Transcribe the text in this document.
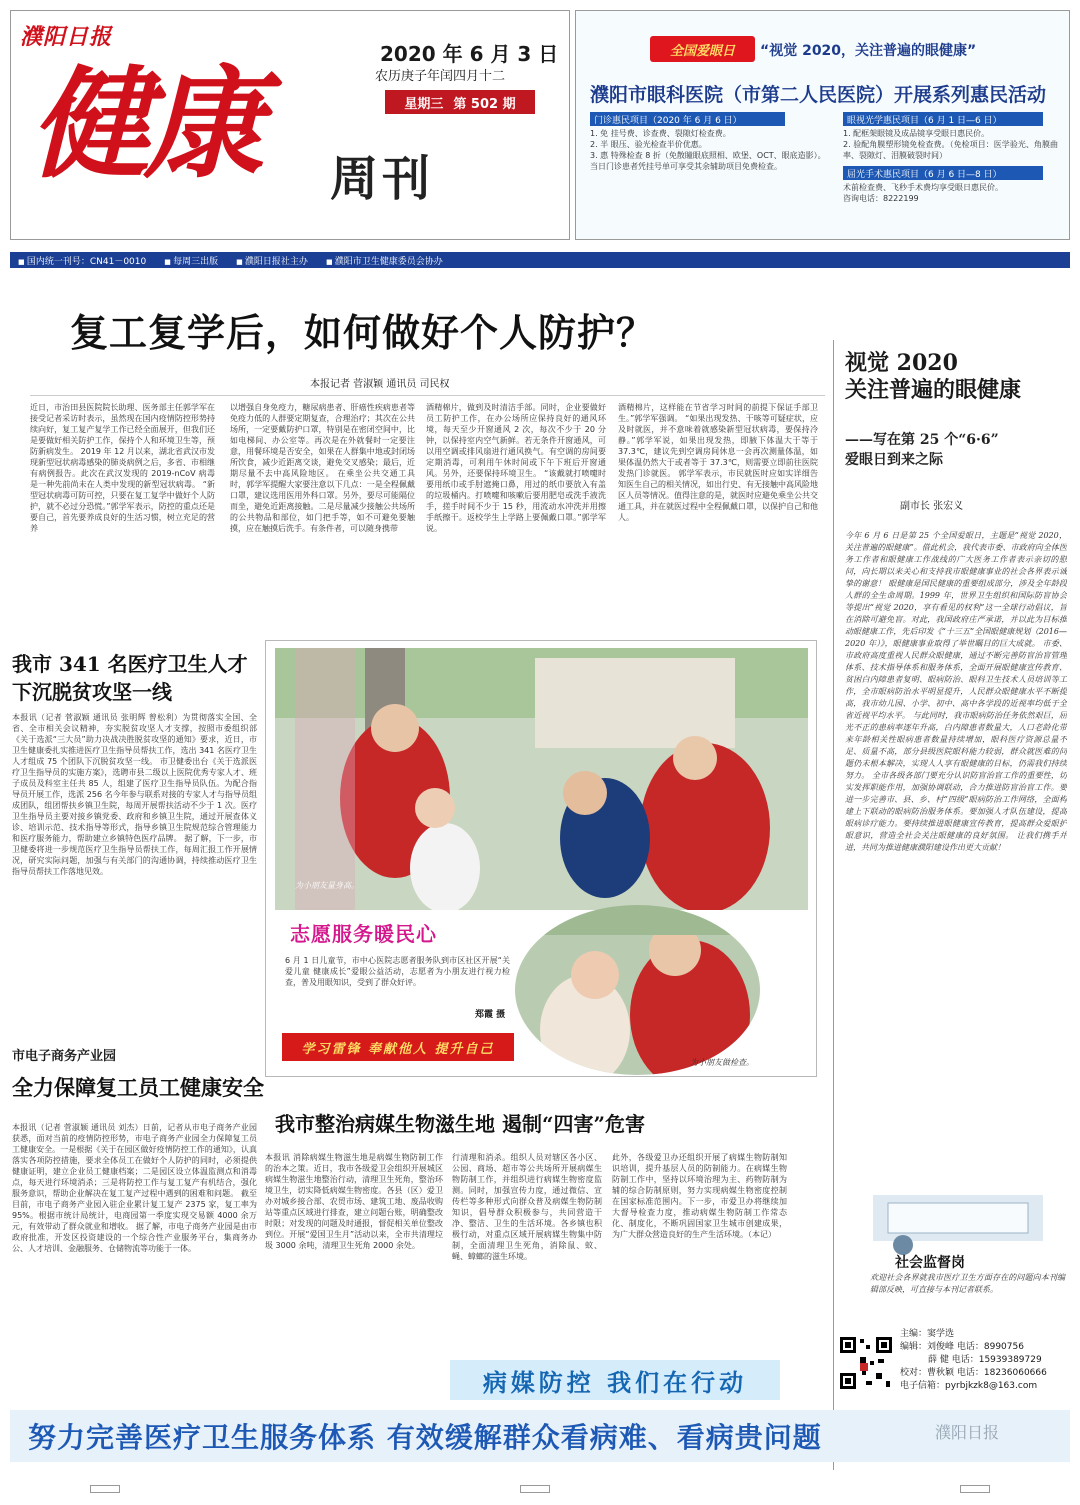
濮阳日报
健康 周刊
2020 年 6 月 3 日
农历庚子年闰四月十二
星期三 第 502 期
全国爱眼日	“视觉 2020，关注普遍的眼健康”
濮阳市眼科医院（市第二人民医院）开展系列惠民活动
门诊惠民项目（2020 年 6 月 6 日）
1. 免 挂号费、诊查费、裂隙灯检查费。
2. 半 眼压、验光检查半价优惠。
3. 惠 特殊检查 8 折（免散瞳眼底照相、欧堡、OCT、眼底造影）。
当日门诊患者凭挂号单可享受其余辅助项目免费检查。
眼视光学惠民项目（6 月 1 日—6 日）
1. 配框架眼镜及成品镜享受眼日惠民价。
2. 验配角膜塑形镜免检查费。（免检项目：医学验光、角膜曲率、裂隙灯、泪膜破裂时间）
屈光手术惠民项目（6 月 6 日—8 日）
术前检查费、飞秒手术费均享受眼日惠民价。
咨询电话：8222199
■ 国内统一刊号：CN41－0010	■ 每周三出版	■ 濮阳日报社主办	■ 濮阳市卫生健康委员会协办
复工复学后，如何做好个人防护？
本报记者 菅淑颖 通讯员 司民权
近日，市治田县医院院长助理、医务部主任郭学军在接受记者采访时表示，虽然现在国内疫情防控形势持续向好，复工复产复学工作已经全面展开，但我们还是要做好相关防护工作，保持个人和环境卫生等，预防新病发生。 2019 年 12 月以来，湖北省武汉市发现新型冠状病毒感染的肺炎病例之后，多省、市相继有病例报告。此次在武汉发现的 2019-nCoV 病毒是一种先前尚未在人类中发现的新型冠状病毒。 “新型冠状病毒可防可控，只要在复工复学中做好个人防护，就不必过分恐慌。”郭学军表示，防控的重点还是要自己，首先要养成良好的生活习惯，树立充足的营养
以增强自身免疫力，糖尿病患者、肝癌性疾病患者等免疫力低的人群要定期复查，合理治疗；其次在公共场所，一定要戴防护口罩，特别是在密闭空间中，比如电梯间、办公室等。再次是在外就餐时一定要注意，用餐环境是否安全，如果在人群集中地或封闭场所饮食，减少近距离交谈，避免交叉感染；最后，近期尽量不去中高风险地区。 在乘坐公共交通工具时，郭学军提醒大家要注意以下几点：一是全程佩戴口罩，建议选用医用外科口罩。另外，要尽可能隔位而坐，避免近距离接触。二是尽量减少接触公共场所的公共物品和部位，如门把手等，如不可避免要触摸，应在触摸后洗手。有条件者，可以随身携带
酒精棉片，做到及时清洁手部。同时，企业要做好员工防护工作，在办公场所应保持良好的通风环境，每天至少开窗通风 2 次，每次不少于 20 分钟，以保持室内空气新鲜。若无条件开窗通风，可以用空调或排风扇进行通风换气。有空调的房间要定期消毒，可利用午休时间或下午下班后开窗通风。另外，还要保持环境卫生。 “该戴就打喷嚏时要用纸巾或手肘遮掩口鼻，用过的纸巾要放入有盖的垃圾桶内。打喷嚏和咳嗽后要用肥皂或洗手液洗手，搓手时间不少于 15 秒，用流动水冲洗并用擦手纸擦干。返校学生上学路上要佩戴口罩。”郭学军说。
酒精棉片，这样能在节省学习时间的前提下保证手部卫生。”郭学军强调。 “如果出现发热、干咳等可疑症状，应及时就医，并不意味着就感染新型冠状病毒，要保持冷静。”郭学军说，如果出现发热，即腋下体温大于等于 37.3℃，建议先到空调房间休息一会再次测量体温，如果体温仍然大于或者等于 37.3℃，则需要立即前往医院发热门诊就医。 郭学军表示，市民就医时应如实详细告知医生自己的相关情况，如出行史、有无接触中高风险地区人员等情况。值得注意的是，就医时应避免乘坐公共交通工具，并在就医过程中全程佩戴口罩，以保护自己和他人。
视觉 2020
关注普遍的眼健康
——写在第 25 个“6·6”
爱眼日到来之际
副市长 张宏义
今年 6 月 6 日是第 25 个全国爱眼日，主题是“视觉 2020，关注普遍的眼健康”。借此机会，我代表市委、市政府向全体医务工作者和眼健康工作战线的广大医务工作者表示亲切的慰问，向长期以来关心和支持我市眼健康事业的社会各界表示诚挚的谢意！ 眼健康是国民健康的重要组成部分，涉及全年龄段人群的全生命周期。1999 年，世界卫生组织和国际防盲协会等提出“视觉 2020，享有看见的权利”这一全球行动倡议，旨在消除可避免盲。对此，我国政府庄严承诺，并以此为目标推动眼健康工作，先后印发《“十三五”全国眼健康规划（2016—2020 年）》，眼健康事业取得了举世瞩目的巨大成就。 市委、市政府高度重视人民群众眼健康，通过不断完善防盲治盲管理体系、技术指导体系和服务体系，全面开展眼健康宣传教育、贫困白内障患者复明、眼病防治、眼科卫生技术人员培训等工作，全市眼病防治水平明显提升，人民群众眼健康水平不断提高，我市幼儿园、小学、初中、高中各学段的近视率均低于全省近视平均水平。 与此同时，我市眼病防治任务依然艰巨，屈光不正的患病率逐年升高，白内障患者数量大，人口老龄化带来年龄相关性眼病患者数量持续增加，眼科医疗资源总量不足、质量不高，部分县级医院眼科能力较弱，群众就医难的问题仍未根本解决，实现人人享有眼健康的目标，仍需我们持续努力。 全市各级各部门要充分认识防盲治盲工作的重要性，切实发挥职能作用，加强协调联动，合力推进防盲治盲工作。要进一步完善市、县、乡、村“四级”眼病防治工作网络，全面构建上下联动的眼病防治服务体系。要加强人才队伍建设，提高眼病诊疗能力。要持续推进眼健康宣传教育，提高群众爱眼护眼意识，营造全社会关注眼健康的良好氛围。 让我们携手并进，共同为推进健康濮阳建设作出更大贡献！
我市 341 名医疗卫生人才
下沉脱贫攻坚一线
本报讯（记者 菅淑颖 通讯员 张明辉 曾松利）为贯彻落实全国、全省、全市相关会议精神，夯实脱贫攻坚人才支撑，按照市委组织部《关于选派“三大员”助力决战决胜脱贫攻坚的通知》要求，近日，市卫生健康委扎实推进医疗卫生指导员帮扶工作，选出 341 名医疗卫生人才组成 75 个团队下沉脱贫攻坚一线。 市卫健委出台《关于选派医疗卫生指导员的实施方案》，选聘市县二级以上医院优秀专家人才、班子成员及科室主任共 85 人，组建了医疗卫生指导员队伍。为配合指导员开展工作，选派 256 名今年参与联系对接的专家人才与指导员组成团队，组团帮扶乡镇卫生院，每周开展帮扶活动不少于 1 次。医疗卫生指导员主要对接乡镇党委、政府和乡镇卫生院，通过开展查体义诊、培训示范、技术指导等形式，指导乡镇卫生院规范综合管理能力和医疗服务能力，帮助建立乡镇特色医疗品牌。 据了解，下一步，市卫健委将进一步规范医疗卫生指导员帮扶工作，每周汇报工作开展情况，研究实际问题，加强与有关部门的沟通协调，持续推动医疗卫生指导员帮扶工作落地见效。
市电子商务产业园
全力保障复工员工健康安全
本报讯（记者 菅淑颖 通讯员 刘杰）日前，记者从市电子商务产业园获悉，面对当前的疫情防控形势，市电子商务产业园全力保障复工员工健康安全。一是根据《关于在园区做好疫情防控工作的通知》，认真落实各项防控措施，要求全体员工在做好个人防护的同时，必须提供健康证明，建立企业员工健康档案；二是园区设立体温监测点和消毒点，每天进行环境消杀；三是将防控工作与复工复产有机结合，强化服务意识，帮助企业解决在复工复产过程中遇到的困难和问题。 截至目前，市电子商务产业园入驻企业累计复工复产 2375 家，复工率为 95%。根据市统计局统计，电商园第一季度实现交易额 4000 余万元，有效带动了群众就业和增收。 据了解，市电子商务产业园是由市政府批准，开发区投资建设的一个综合性产业服务平台，集商务办公、人才培训、金融服务、仓储物流等功能于一体。
为小朋友量身高。
为小朋友做检查。
志愿服务暖民心
6 月 1 日儿童节，市中心医院志愿者服务队到市区社区开展“关爱儿童 健康成长”爱眼公益活动，志愿者为小朋友进行视力检查，普及用眼知识，受到了群众好评。
郑霞 摄
学习雷锋 奉献他人 提升自己
我市整治病媒生物滋生地 遏制“四害”危害
本报讯 消除病媒生物滋生地是病媒生物防制工作的治本之策。近日，我市各级爱卫会组织开展城区病媒生物滋生地整治行动，清理卫生死角，整治环境卫生，切实降低病媒生物密度。各县（区）爱卫办对城乡接合部、农贸市场、建筑工地、废品收购站等重点区域进行排查，建立问题台账，明确整改时限；对发现的问题及时通报，督促相关单位整改到位。开展“爱国卫生月”活动以来，全市共清理垃圾 3000 余吨，清理卫生死角 2000 余处。
行清理和消杀。组织人员对辖区各小区、公园、商场、超市等公共场所开展病媒生物防制工作，并组织进行病媒生物密度监测。同时，加强宣传力度，通过微信、宣传栏等多种形式向群众普及病媒生物防制知识，倡导群众积极参与，共同营造干净、整洁、卫生的生活环境。各乡镇也积极行动，对重点区域开展病媒生物集中防制，全面清理卫生死角，消除鼠、蚊、蝇、蟑螂的滋生环境。
此外，各级爱卫办还组织开展了病媒生物防制知识培训，提升基层人员的防制能力。在病媒生物防制工作中，坚持以环境治理为主、药物防制为辅的综合防制原则，努力实现病媒生物密度控制在国家标准范围内。下一步，市爱卫办将继续加大督导检查力度，推动病媒生物防制工作常态化、制度化，不断巩固国家卫生城市创建成果，为广大群众营造良好的生产生活环境。（本记）
病媒防控 我们在行动
社会监督岗
欢迎社会各界就我市医疗卫生方面存在的问题向本刊编辑部反映，可直接与本刊记者联系。
主编：窦学选
编辑：刘俊峰 电话：8990756
薛 健 电话：15939389729
校对：曹秋颖 电话：18236060666
电子信箱：pyrbjkzk8@163.com
努力完善医疗卫生服务体系 有效缓解群众看病难、看病贵问题	濮阳日报
